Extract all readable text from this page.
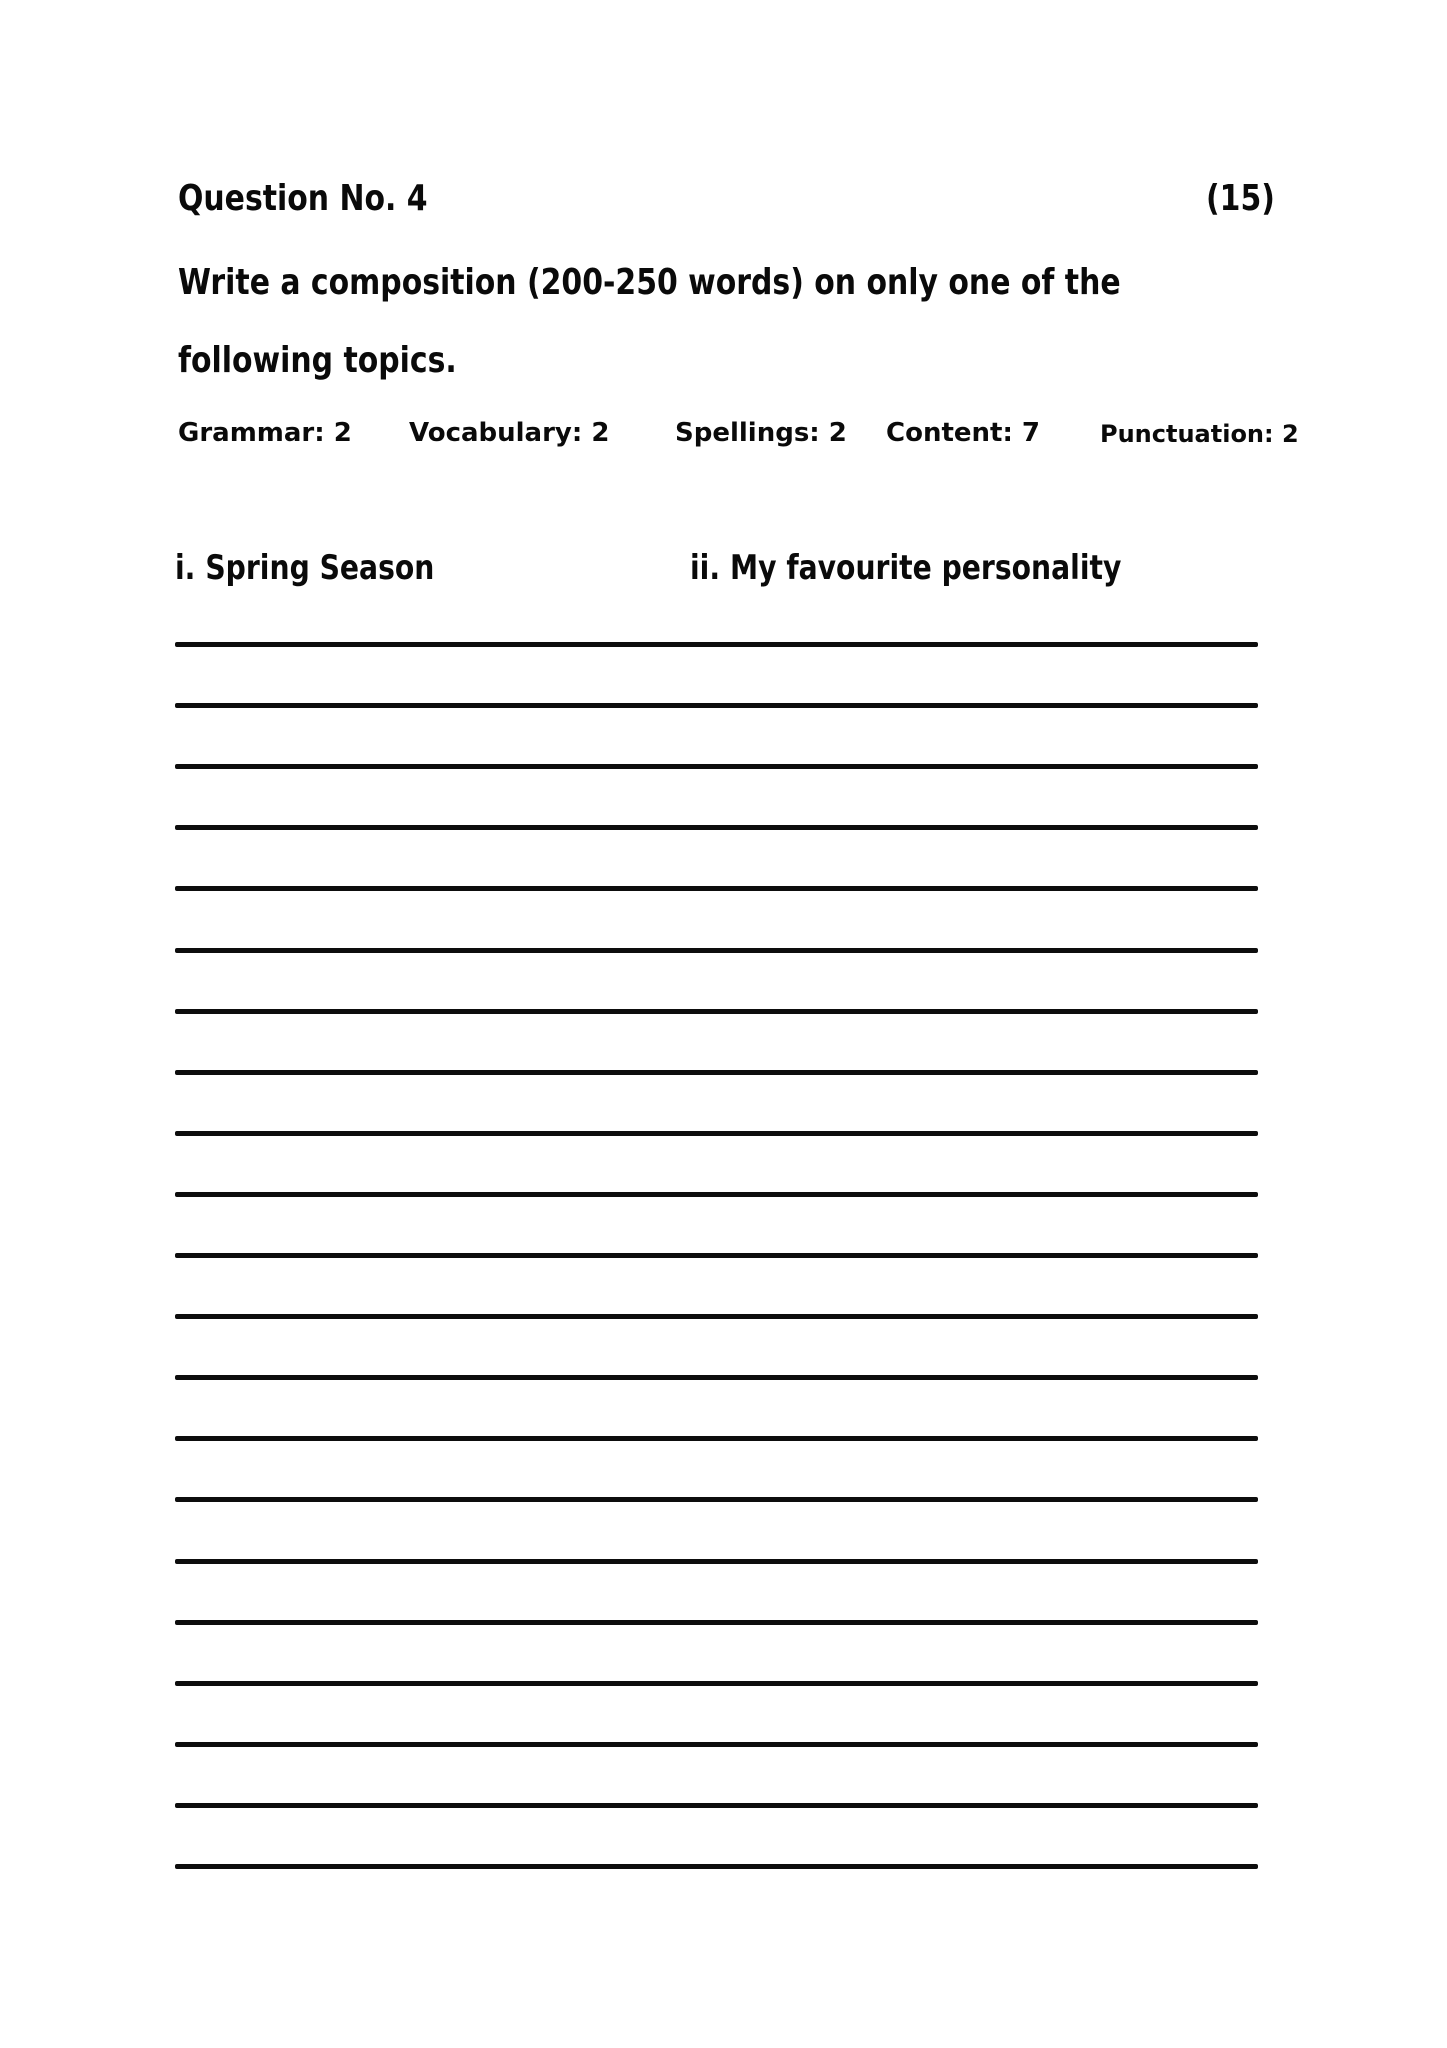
Question No. 4	(15)
Write a composition (200-250 words) on only one of the
following topics.
Grammar: 2 Vocabulary: 2	Spellings: 2 Content: 7	Punctuation: 2
i. Spring Season	ii. My favourite personality
